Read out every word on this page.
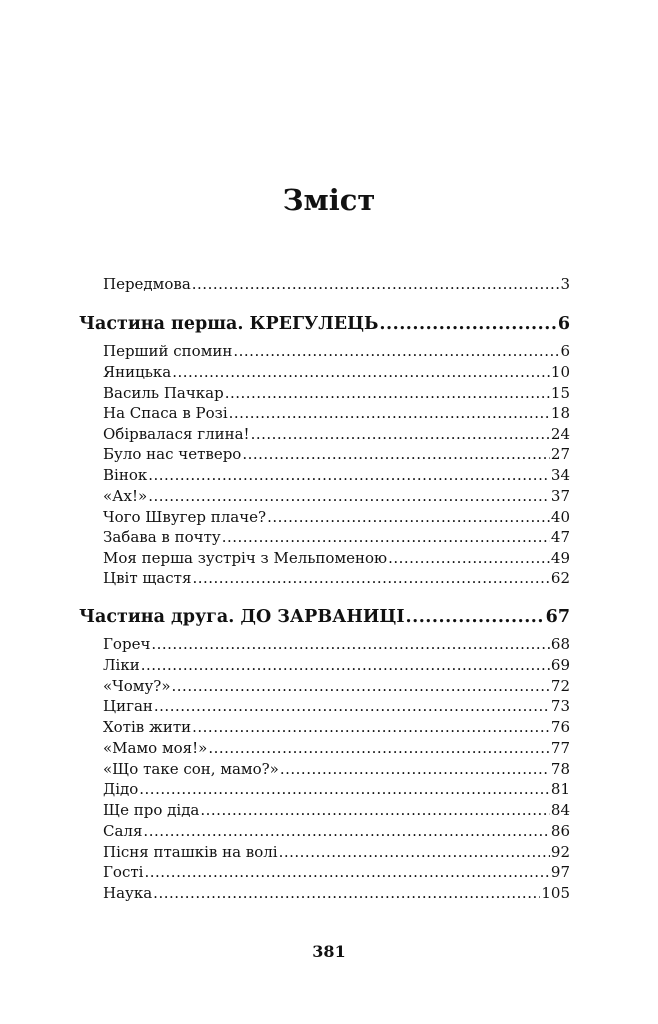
Зміст
Передмова .....	3
Частина перша. КРЕГУЛЕЦЬ .....	6
Перший спомин .....	6
Яницька .....	10
Василь Пачкар .....	15
На Спаса в Розі .....	18
Обірвалася глина! .....	24
Було нас четверо .....	27
Вінок .....	34
«Ах!» .....	37
Чого Швугер плаче? .....	40
Забава в почту .....	47
Моя перша зустріч з Мельпоменою .....	49
Цвіт щастя .....	62
Частина друга. ДО ЗАРВАНИЦІ .....	67
Гореч .....	68
Ліки .....	69
«Чому?» .....	72
Циган .....	73
Хотів жити .....	76
«Мамо моя!» .....	77
«Що таке сон, мамо?» .....	78
Дідо .....	81
Ще про діда .....	84
Саля .....	86
Пісня пташків на волі .....	92
Гості .....	97
Наука .....	105
381
